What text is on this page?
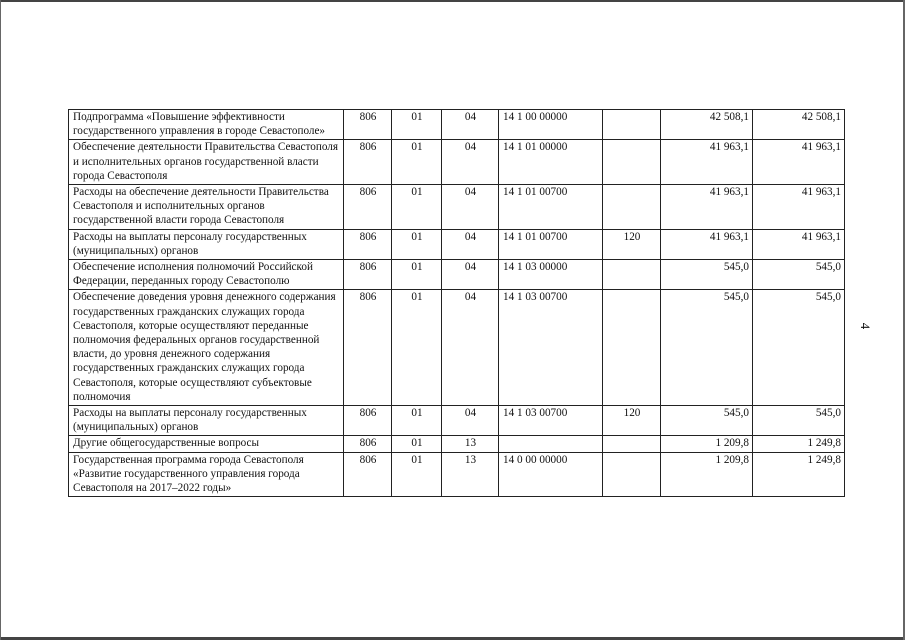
Подпрограмма «Повышение эффективности государственного управления в городе Севастополе»	806	01	04	14 1 00 00000		42 508,1	42 508,1
Обеспечение деятельности Правительства Севастополя и исполнительных органов государственной власти города Севастополя	806	01	04	14 1 01 00000		41 963,1	41 963,1
Расходы на обеспечение деятельности Правительства Севастополя и исполнительных органов государственной власти города Севастополя	806	01	04	14 1 01 00700		41 963,1	41 963,1
Расходы на выплаты персоналу государственных (муниципальных) органов	806	01	04	14 1 01 00700	120	41 963,1	41 963,1
Обеспечение исполнения полномочий Российской Федерации, переданных городу Севастополю	806	01	04	14 1 03 00000		545,0	545,0
Обеспечение доведения уровня денежного содержания государственных гражданских служащих города Севастополя, которые осуществляют переданные полномочия федеральных органов государственной власти, до уровня денежного содержания государственных гражданских служащих города Севастополя, которые осуществляют субъектовые полномочия	806	01	04	14 1 03 00700		545,0	545,0
Расходы на выплаты персоналу государственных (муниципальных) органов	806	01	04	14 1 03 00700	120	545,0	545,0
Другие общегосударственные вопросы	806	01	13			1 209,8	1 249,8
Государственная программа города Севастополя «Развитие государственного управления города Севастополя на 2017–2022 годы»	806	01	13	14 0 00 00000		1 209,8	1 249,8
4
